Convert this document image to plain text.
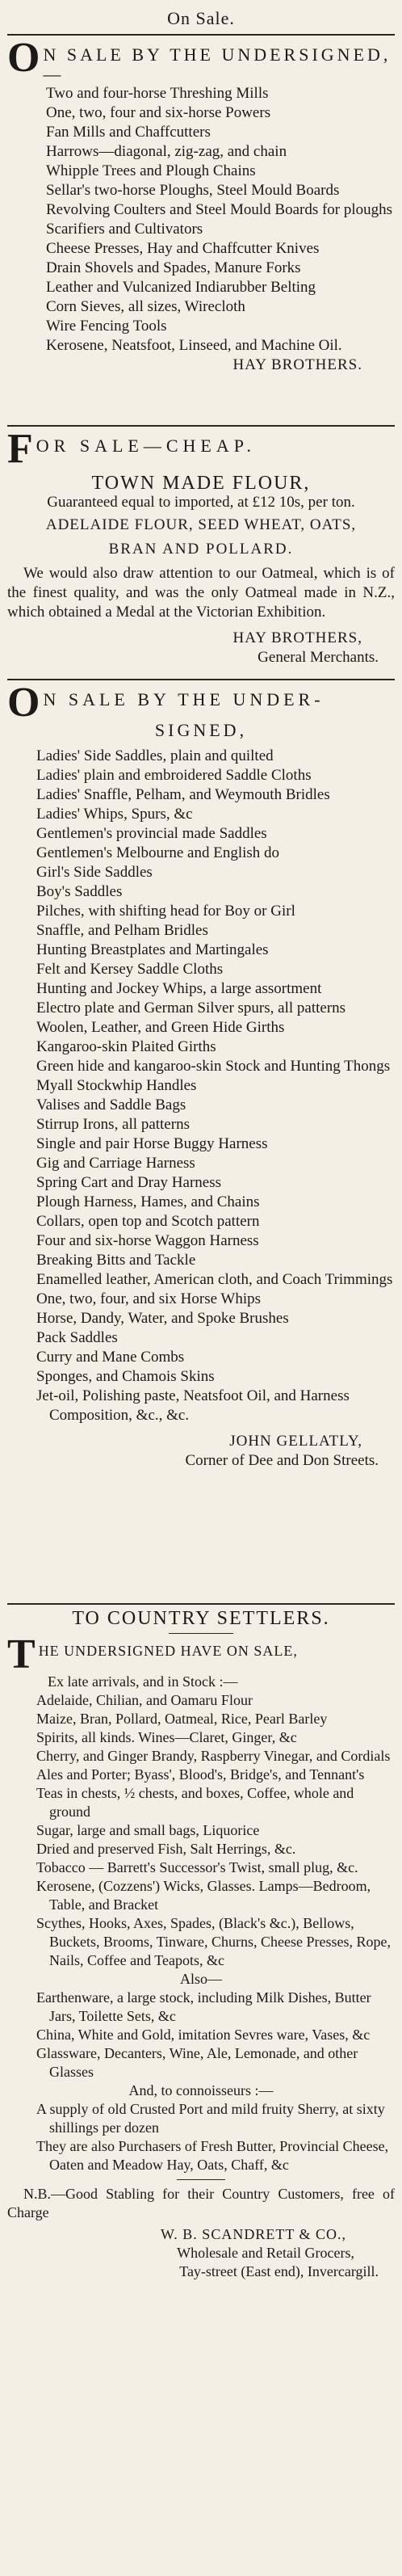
On Sale.
O N SALE BY THE UNDERSIGNED,—
Two and four-horse Threshing Mills
One, two, four and six-horse Powers
Fan Mills and Chaffcutters
Harrows—diagonal, zig-zag, and chain
Whipple Trees and Plough Chains
Sellar's two-horse Ploughs, Steel Mould Boards
Revolving Coulters and Steel Mould Boards for ploughs
Scarifiers and Cultivators
Cheese Presses, Hay and Chaffcutter Knives
Drain Shovels and Spades, Manure Forks
Leather and Vulcanized Indiarubber Belting
Corn Sieves, all sizes, Wirecloth
Wire Fencing Tools
Kerosene, Neatsfoot, Linseed, and Machine Oil.
HAY BROTHERS.
F OR SALE—CHEAP.
TOWN MADE FLOUR,
Guaranteed equal to imported, at £12 10s, per ton.
ADELAIDE FLOUR, SEED WHEAT, OATS,
BRAN AND POLLARD.
We would also draw attention to our Oatmeal, which is of the finest quality, and was the only Oatmeal made in N.Z., which obtained a Medal at the Victorian Exhibition.
HAY BROTHERS,
General Merchants.
O N SALE BY THE UNDER-
SIGNED,
Ladies' Side Saddles, plain and quilted
Ladies' plain and embroidered Saddle Cloths
Ladies' Snaffle, Pelham, and Weymouth Bridles
Ladies' Whips, Spurs, &c
Gentlemen's provincial made Saddles
Gentlemen's Melbourne and English do
Girl's Side Saddles
Boy's Saddles
Pilches, with shifting head for Boy or Girl
Snaffle, and Pelham Bridles
Hunting Breastplates and Martingales
Felt and Kersey Saddle Cloths
Hunting and Jockey Whips, a large assortment
Electro plate and German Silver spurs, all patterns
Woolen, Leather, and Green Hide Girths
Kangaroo-skin Plaited Girths
Green hide and kangaroo-skin Stock and Hunting Thongs
Myall Stockwhip Handles
Valises and Saddle Bags
Stirrup Irons, all patterns
Single and pair Horse Buggy Harness
Gig and Carriage Harness
Spring Cart and Dray Harness
Plough Harness, Hames, and Chains
Collars, open top and Scotch pattern
Four and six-horse Waggon Harness
Breaking Bitts and Tackle
Enamelled leather, American cloth, and Coach Trimmings
One, two, four, and six Horse Whips
Horse, Dandy, Water, and Spoke Brushes
Pack Saddles
Curry and Mane Combs
Sponges, and Chamois Skins
Jet-oil, Polishing paste, Neatsfoot Oil, and Harness Composition, &c., &c.
JOHN GELLATLY,
Corner of Dee and Don Streets.
TO COUNTRY SETTLERS.
T HE UNDERSIGNED HAVE ON SALE,
Ex late arrivals, and in Stock :—
Adelaide, Chilian, and Oamaru Flour
Maize, Bran, Pollard, Oatmeal, Rice, Pearl Barley
Spirits, all kinds. Wines—Claret, Ginger, &c
Cherry, and Ginger Brandy, Raspberry Vinegar, and Cordials
Ales and Porter; Byass', Blood's, Bridge's, and Tennant's
Teas in chests, ½ chests, and boxes, Coffee, whole and ground
Sugar, large and small bags, Liquorice
Dried and preserved Fish, Salt Herrings, &c.
Tobacco — Barrett's Successor's Twist, small plug, &c.
Kerosene, (Cozzens') Wicks, Glasses. Lamps—Bedroom, Table, and Bracket
Scythes, Hooks, Axes, Spades, (Black's &c.), Bellows, Buckets, Brooms, Tinware, Churns, Cheese Presses, Rope, Nails, Coffee and Teapots, &c
Also—
Earthenware, a large stock, including Milk Dishes, Butter Jars, Toilette Sets, &c
China, White and Gold, imitation Sevres ware, Vases, &c
Glassware, Decanters, Wine, Ale, Lemonade, and other Glasses
And, to connoisseurs :—
A supply of old Crusted Port and mild fruity Sherry, at sixty shillings per dozen
They are also Purchasers of Fresh Butter, Provincial Cheese, Oaten and Meadow Hay, Oats, Chaff, &c
N.B.—Good Stabling for their Country Customers, free of Charge
W. B. SCANDRETT & CO.,
Wholesale and Retail Grocers,
Tay-street (East end), Invercargill.
